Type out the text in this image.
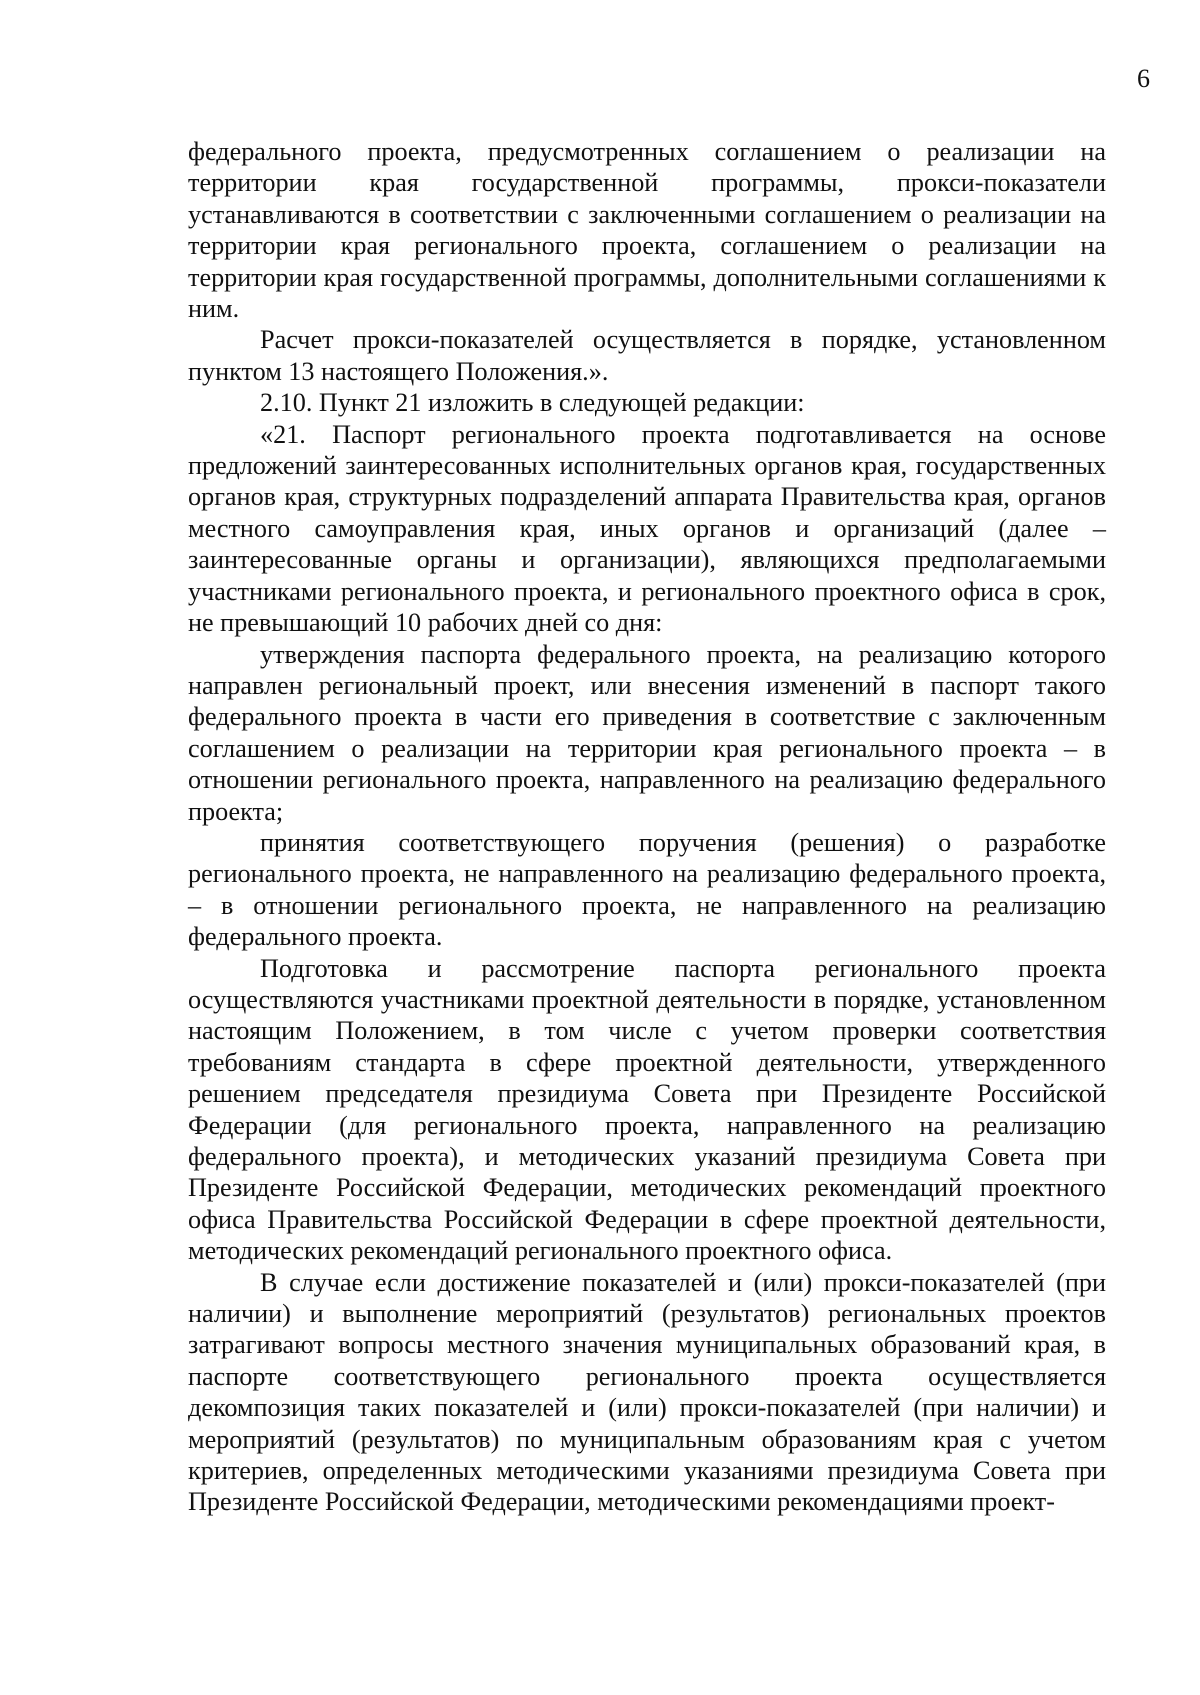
6

федерального проекта, предусмотренных соглашением о реализации на территории края государственной программы, прокси-показатели устанавливаются в соответствии с заключенными соглашением о реализации на территории края регионального проекта, соглашением о реализации на территории края государственной программы, дополнительными соглашениями к ним.

Расчет прокси-показателей осуществляется в порядке, установленном пунктом 13 настоящего Положения.».

2.10. Пункт 21 изложить в следующей редакции:

«21. Паспорт регионального проекта подготавливается на основе предложений заинтересованных исполнительных органов края, государственных органов края, структурных подразделений аппарата Правительства края, органов местного самоуправления края, иных органов и организаций (далее – заинтересованные органы и организации), являющихся предполагаемыми участниками регионального проекта, и регионального проектного офиса в срок, не превышающий 10 рабочих дней со дня:

утверждения паспорта федерального проекта, на реализацию которого направлен региональный проект, или внесения изменений в паспорт такого федерального проекта в части его приведения в соответствие с заключенным соглашением о реализации на территории края регионального проекта – в отношении регионального проекта, направленного на реализацию федерального проекта;

принятия соответствующего поручения (решения) о разработке регионального проекта, не направленного на реализацию федерального проекта, – в отношении регионального проекта, не направленного на реализацию федерального проекта.

Подготовка и рассмотрение паспорта регионального проекта осуществляются участниками проектной деятельности в порядке, установленном настоящим Положением, в том числе с учетом проверки соответствия требованиям стандарта в сфере проектной деятельности, утвержденного решением председателя президиума Совета при Президенте Российской Федерации (для регионального проекта, направленного на реализацию федерального проекта), и методических указаний президиума Совета при Президенте Российской Федерации, методических рекомендаций проектного офиса Правительства Российской Федерации в сфере проектной деятельности, методических рекомендаций регионального проектного офиса.

В случае если достижение показателей и (или) прокси-показателей (при наличии) и выполнение мероприятий (результатов) региональных проектов затрагивают вопросы местного значения муниципальных образований края, в паспорте соответствующего регионального проекта осуществляется декомпозиция таких показателей и (или) прокси-показателей (при наличии) и мероприятий (результатов) по муниципальным образованиям края с учетом критериев, определенных методическими указаниями президиума Совета при Президенте Российской Федерации, методическими рекомендациями проект-
